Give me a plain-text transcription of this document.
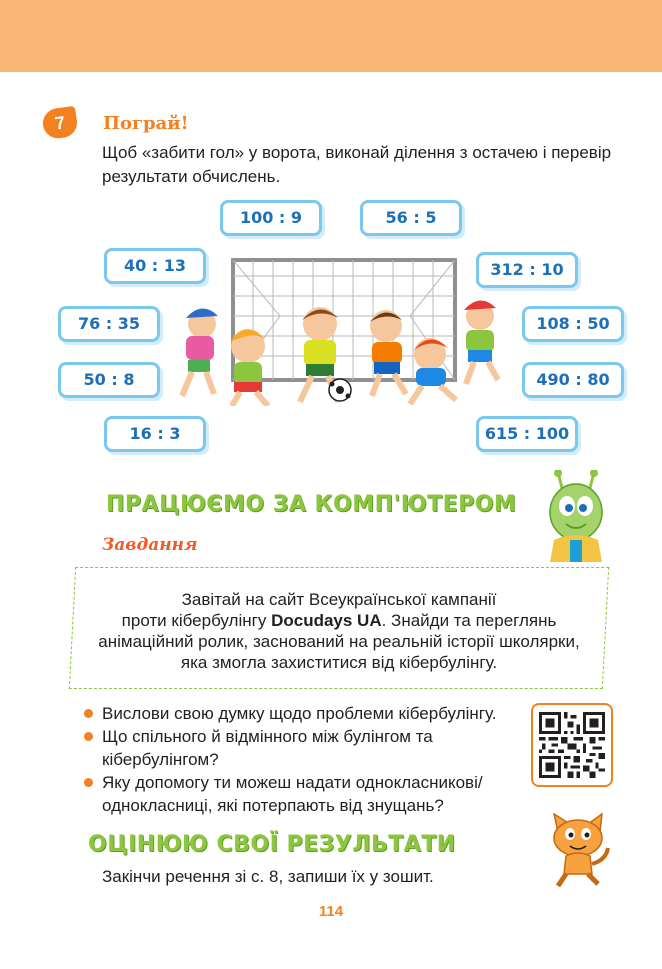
7	Пограй!
Щоб «забити гол» у ворота, виконай ділення з остачею і перевір результати обчислень.
100 : 9	56 : 5
40 : 13	312 : 10
76 : 35	108 : 50
50 : 8	490 : 80
16 : 3	615 : 100
ПРАЦЮЄМО ЗА КОМП'ЮТЕРОМ
Завдання
Завітай на сайт Всеукраїнської кампанії
проти кібербулінгу Docudays UA. Знайди та переглянь
анімаційний ролик, заснований на реальній історії школярки,
яка змогла захиститися від кібербулінгу.
Вислови свою думку щодо проблеми кібербулінгу.
Що спільного й відмінного між булінгом та кібербулінгом?
Яку допомогу ти можеш надати однокласникові/ однокласниці, які потерпають від знущань?
ОЦІНЮЮ СВОЇ РЕЗУЛЬТАТИ
Закінчи речення зі с. 8, запиши їх у зошит.
114
